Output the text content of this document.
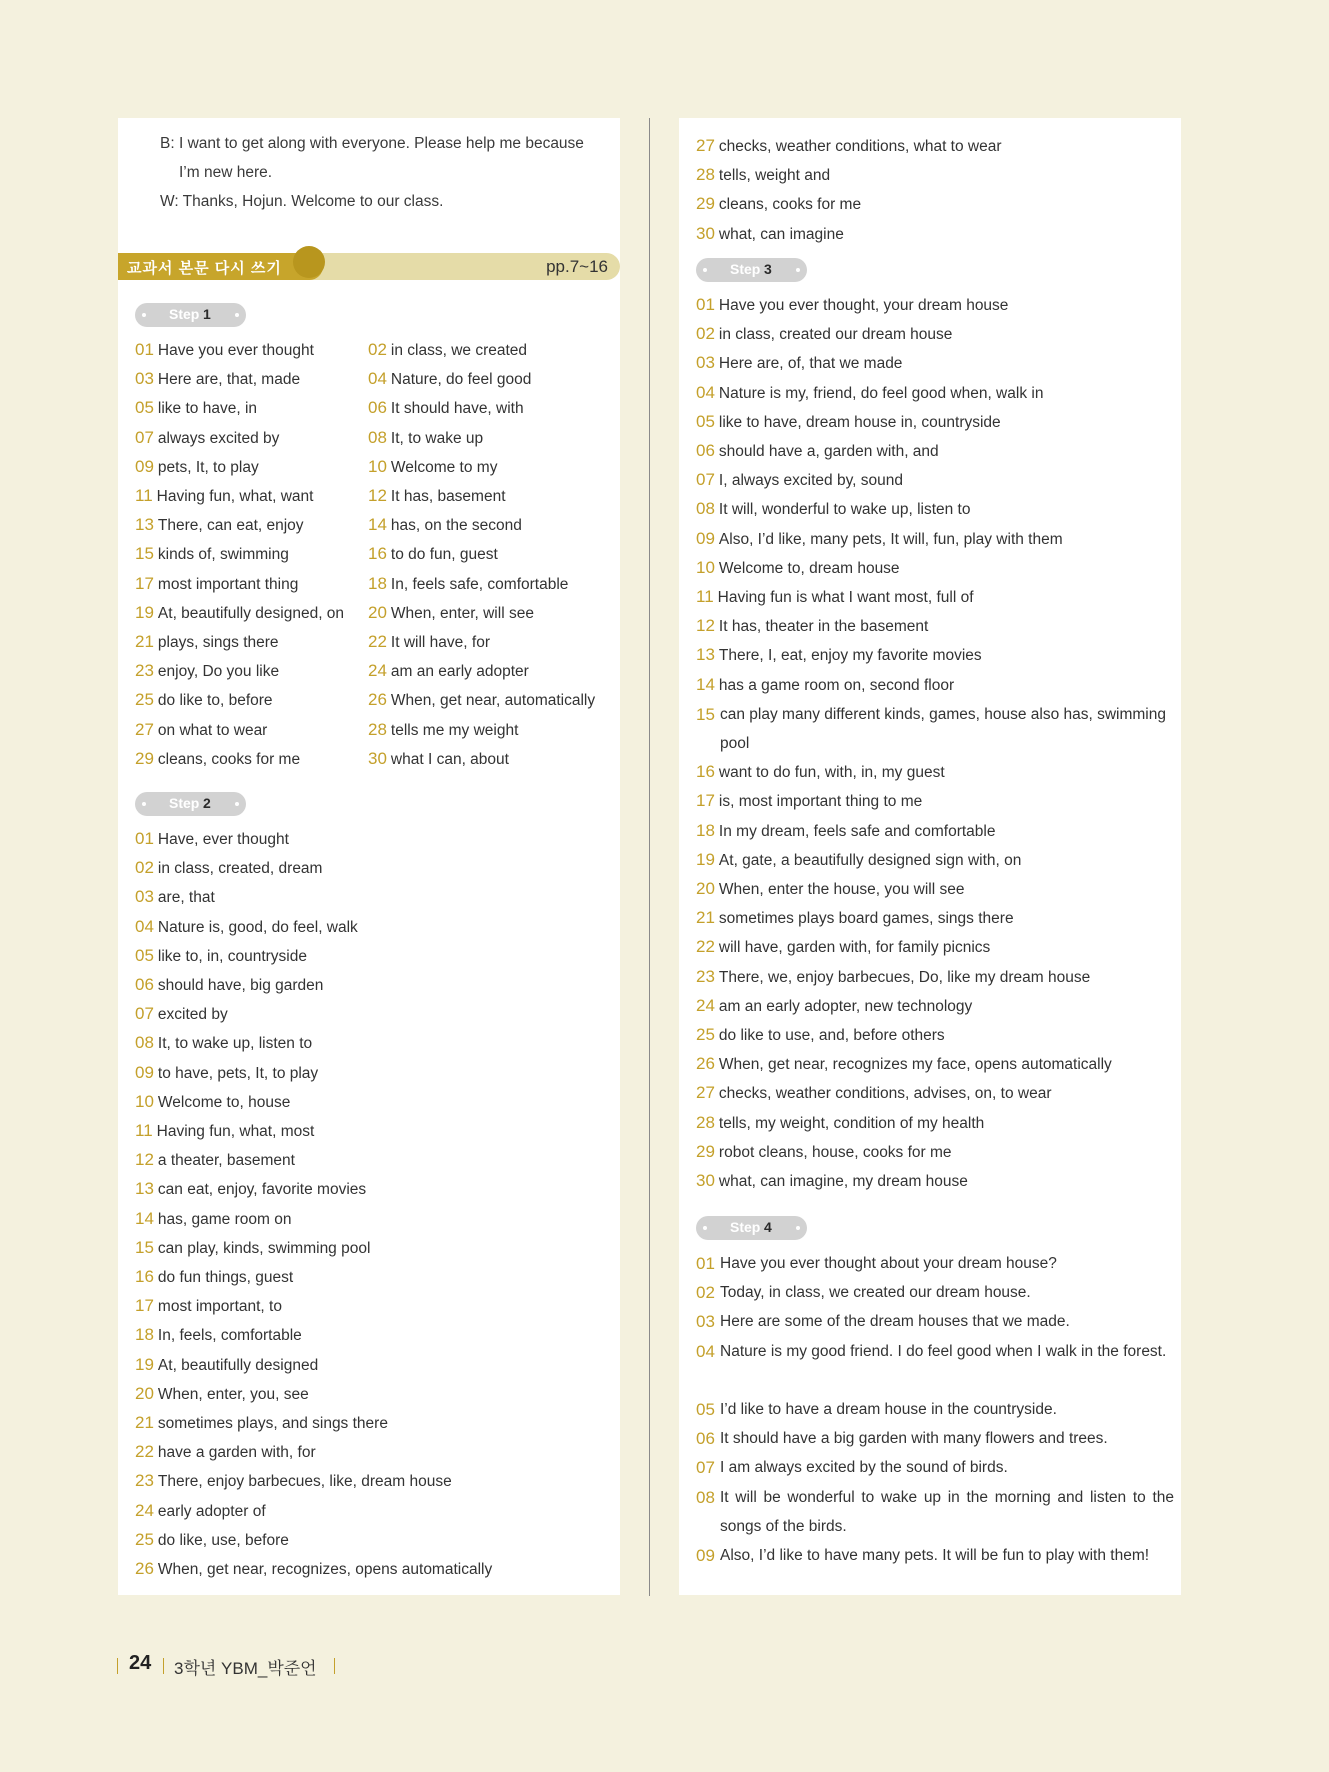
B: I want to get along with everyone. Please help me because
I’m new here.
W: Thanks, Hojun. Welcome to our class.
교과서 본문 다시 쓰기	pp.7~16
Step 1
01 Have you ever thought	02 in class, we created
03 Here are, that, made	04 Nature, do feel good
05 like to have, in	06 It should have, with
07 always excited by	08 It, to wake up
09 pets, It, to play	10 Welcome to my
11 Having fun, what, want	12 It has, basement
13 There, can eat, enjoy	14 has, on the second
15 kinds of, swimming	16 to do fun, guest
17 most important thing	18 In, feels safe, comfortable
19 At, beautifully designed, on 20 When, enter, will see
21 plays, sings there	22 It will have, for
23 enjoy, Do you like	24 am an early adopter
25 do like to, before	26 When, get near, automatically
27 on what to wear	28 tells me my weight
29 cleans, cooks for me	30 what I can, about
Step 2
01 Have, ever thought
02 in class, created, dream
03 are, that
04 Nature is, good, do feel, walk
05 like to, in, countryside
06 should have, big garden
07 excited by
08 It, to wake up, listen to
09 to have, pets, It, to play
10 Welcome to, house
11 Having fun, what, most
12 a theater, basement
13 can eat, enjoy, favorite movies
14 has, game room on
15 can play, kinds, swimming pool
16 do fun things, guest
17 most important, to
18 In, feels, comfortable
19 At, beautifully designed
20 When, enter, you, see
21 sometimes plays, and sings there
22 have a garden with, for
23 There, enjoy barbecues, like, dream house
24 early adopter of
25 do like, use, before
26 When, get near, recognizes, opens automatically
27 checks, weather conditions, what to wear
28 tells, weight and
29 cleans, cooks for me
30 what, can imagine
Step 3
01 Have you ever thought, your dream house
02 in class, created our dream house
03 Here are, of, that we made
04 Nature is my, friend, do feel good when, walk in
05 like to have, dream house in, countryside
06 should have a, garden with, and
07 I, always excited by, sound
08 It will, wonderful to wake up, listen to
09 Also, I’d like, many pets, It will, fun, play with them
10 Welcome to, dream house
11 Having fun is what I want most, full of
12 It has, theater in the basement
13 There, I, eat, enjoy my favorite movies
14 has a game room on, second floor
15 can play many different kinds, games, house also has, swimming pool
16 want to do fun, with, in, my guest
17 is, most important thing to me
18 In my dream, feels safe and comfortable
19 At, gate, a beautifully designed sign with, on
20 When, enter the house, you will see
21 sometimes plays board games, sings there
22 will have, garden with, for family picnics
23 There, we, enjoy barbecues, Do, like my dream house
24 am an early adopter, new technology
25 do like to use, and, before others
26 When, get near, recognizes my face, opens automatically
27 checks, weather conditions, advises, on, to wear
28 tells, my weight, condition of my health
29 robot cleans, house, cooks for me
30 what, can imagine, my dream house
Step 4
01 Have you ever thought about your dream house?
02 Today, in class, we created our dream house.
03 Here are some of the dream houses that we made.
04 Nature is my good friend. I do feel good when I walk in the forest.
05 I’d like to have a dream house in the countryside.
06 It should have a big garden with many flowers and trees.
07 I am always excited by the sound of birds.
08 It will be wonderful to wake up in the morning and listen to the songs of the birds.
09 Also, I’d like to have many pets. It will be fun to play with them!
24 3학년 YBM_박준언
